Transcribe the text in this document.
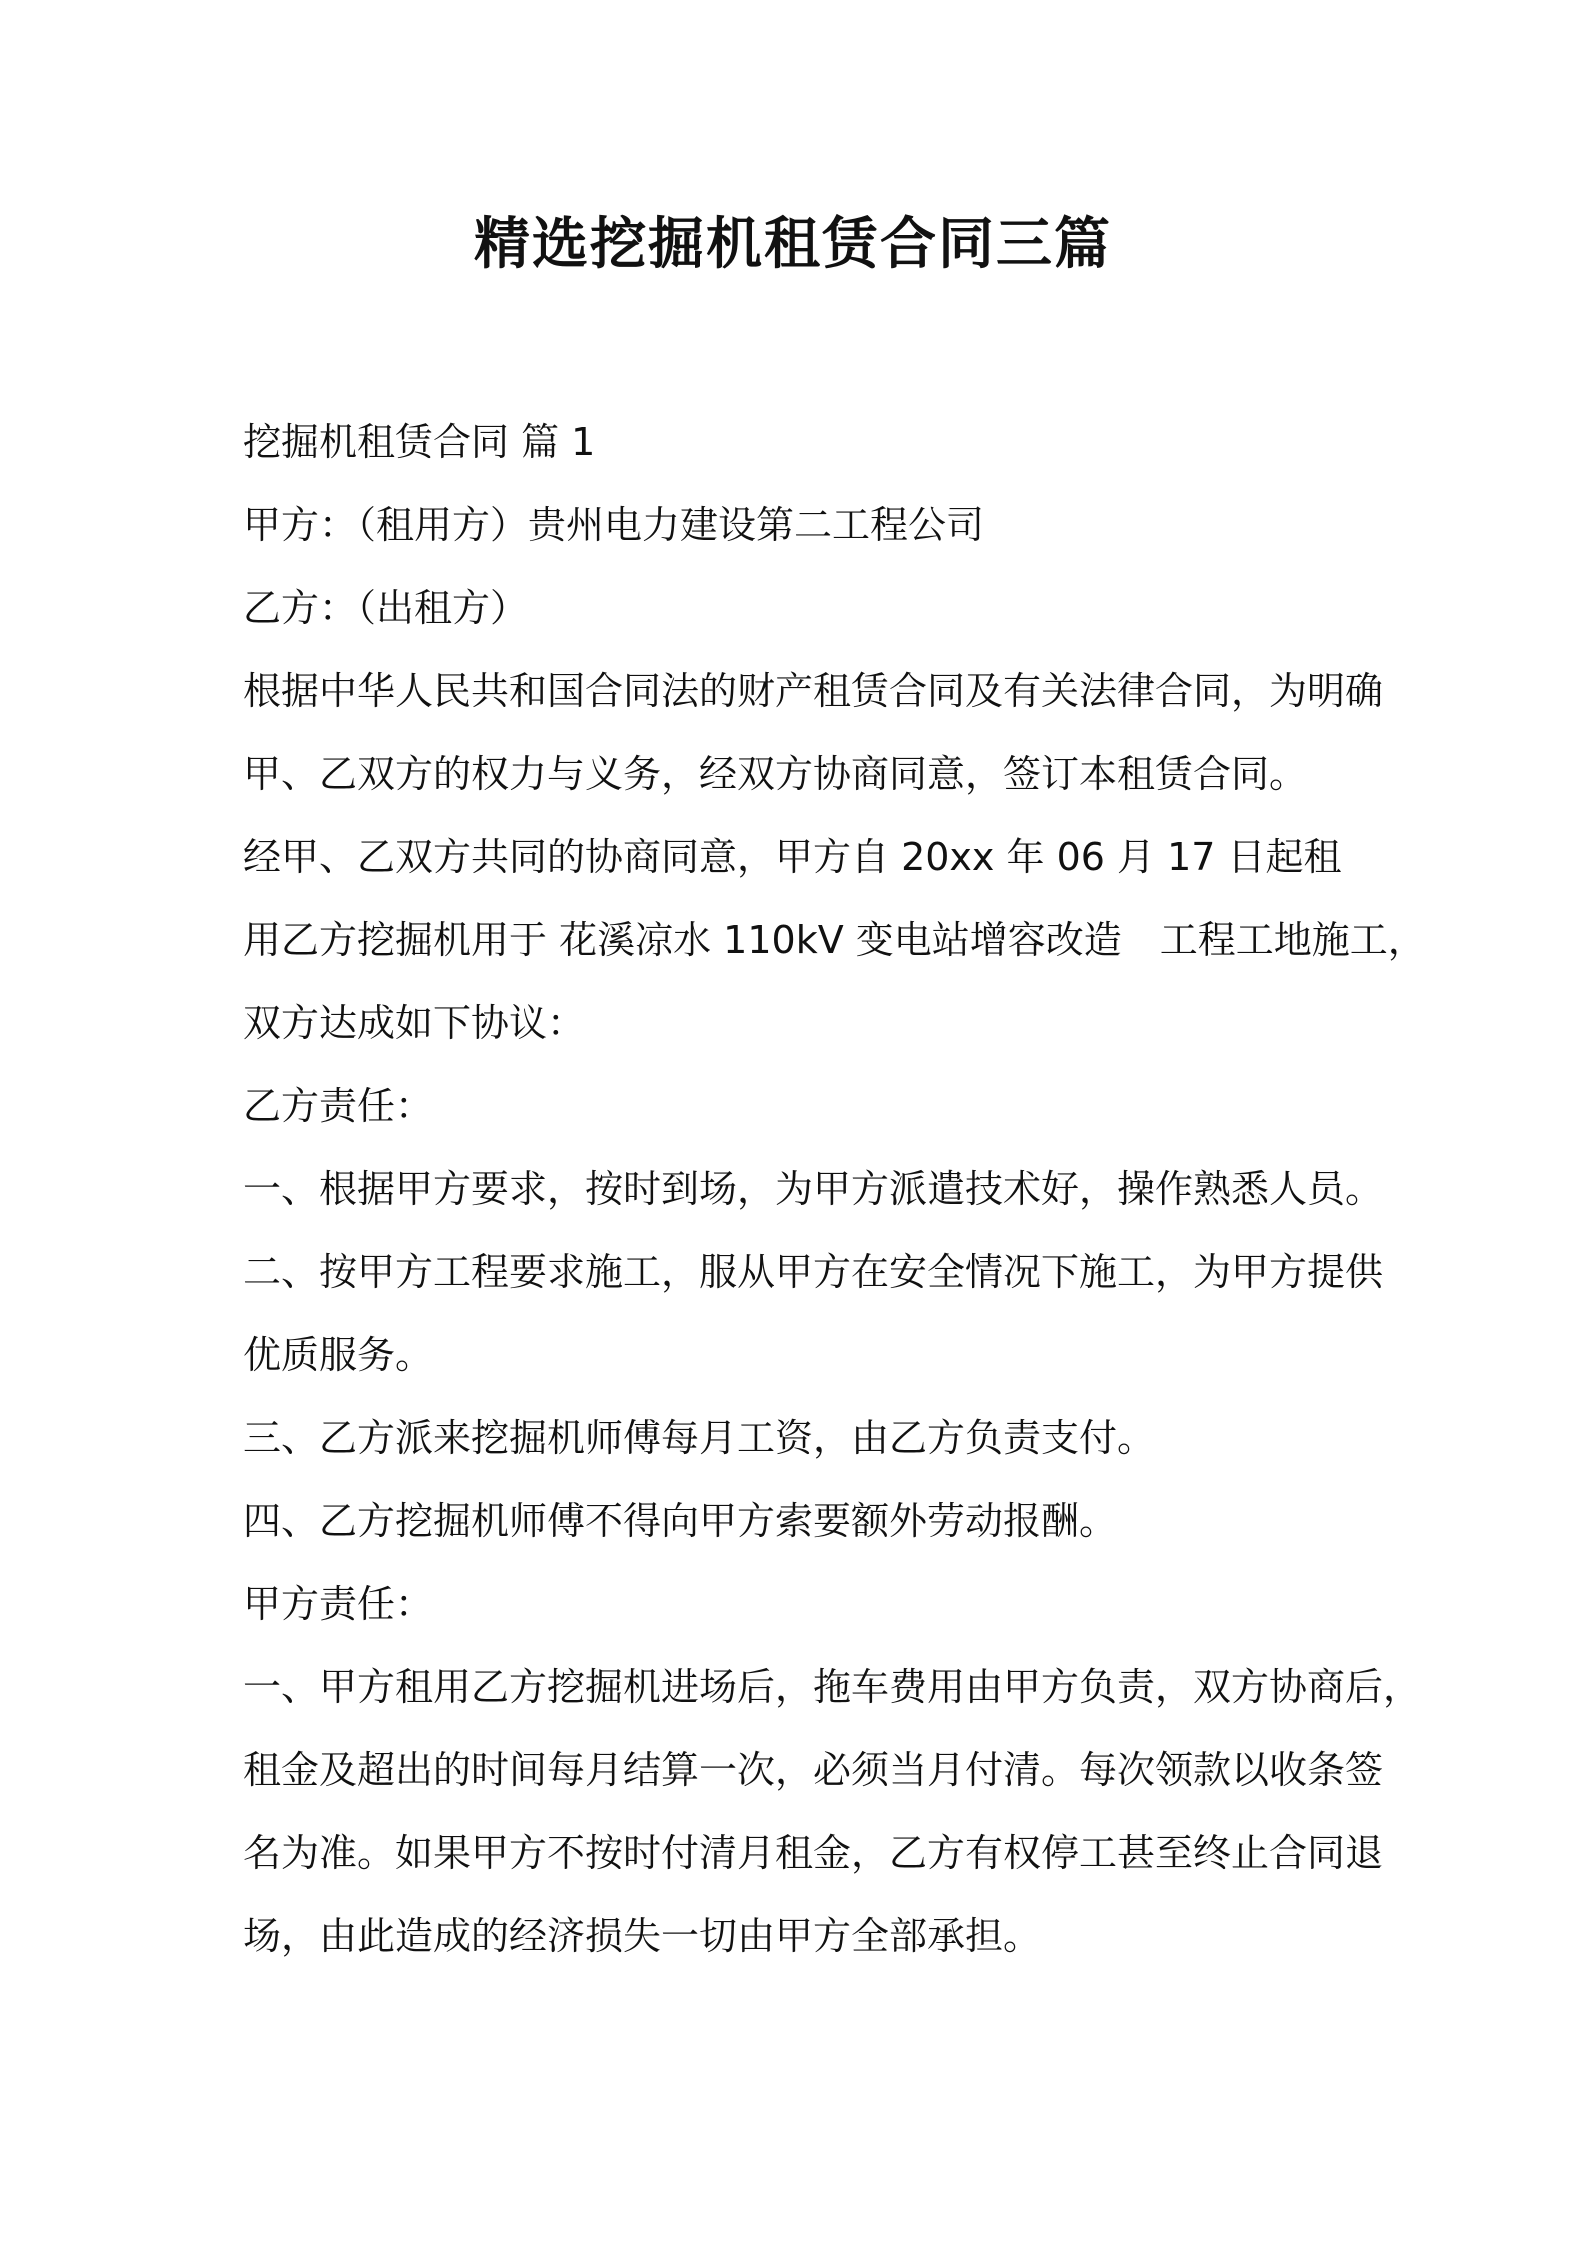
精选挖掘机租赁合同三篇

挖掘机租赁合同 篇 1

甲方：（租用方）贵州电力建设第二工程公司

乙方：（出租方）

根据中华人民共和国合同法的财产租赁合同及有关法律合同，为明确

甲、乙双方的权力与义务，经双方协商同意，签订本租赁合同。

经甲、乙双方共同的协商同意，甲方自 20xx 年 06 月 17 日起租

用乙方挖掘机用于 花溪凉水 110kV 变电站增容改造　工程工地施工，

双方达成如下协议：

乙方责任：

一、根据甲方要求，按时到场，为甲方派遣技术好，操作熟悉人员。

二、按甲方工程要求施工，服从甲方在安全情况下施工，为甲方提供

优质服务。

三、乙方派来挖掘机师傅每月工资，由乙方负责支付。

四、乙方挖掘机师傅不得向甲方索要额外劳动报酬。

甲方责任：

一、甲方租用乙方挖掘机进场后，拖车费用由甲方负责，双方协商后，

租金及超出的时间每月结算一次，必须当月付清。每次领款以收条签

名为准。如果甲方不按时付清月租金，乙方有权停工甚至终止合同退

场，由此造成的经济损失一切由甲方全部承担。
